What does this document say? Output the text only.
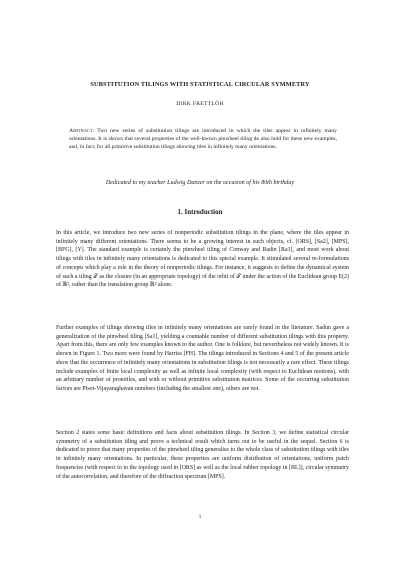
SUBSTITUTION TILINGS WITH STATISTICAL CIRCULAR SYMMETRY

DIRK FRETTLÖH

Abstract. Two new series of substitution tilings are introduced in which the tiles appear in infinitely many orientations. It is shown that several properties of the well-known pinwheel tiling do also hold for these new examples, and, in fact, for all primitive substitution tilings showing tiles in infinitely many orientations.

Dedicated to my teacher Ludwig Danzer on the occasion of his 80th birthday

1. Introduction

In this article, we introduce two new series of nonperiodic substitution tilings in the plane, where the tiles appear in infinitely many different orientations. There seems to be a growing interest in such objects, cf. [ORS], [Sa2], [MPS], [BFG], [Y]. The standard example is certainly the pinwheel tiling of Conway and Radin [Ra1], and most work about tilings with tiles in infinitely many orientations is dedicated to this special example. It stimulated several re-formulations of concepts which play a role in the theory of nonperiodic tilings. For instance, it suggests to define the dynamical system of such a tiling 𝒯 as the closure (in an appropriate topology) of the orbit of 𝒯 under the action of the Euclidean group E(2) of ℝ², rather than the translation group ℝ² alone.

Further examples of tilings showing tiles in infinitely many orientations are rarely found in the literature. Sadun gave a generalization of the pinwheel tiling [Sa1], yielding a countable number of different substitution tilings with this property. Apart from this, there are only few examples known to the author. One is folklore, but nevertheless not widely known. It is shown in Figure 1. Two more were found by Harriss [FH]. The tilings introduced in Sections 4 and 5 of the present article show that the occurrence of infinitely many orientations in substitution tilings is not necessarily a rare effect. These tilings include examples of finite local complexity as well as infinite local complexity (with respect to Euclidean motions), with an arbitrary number of prototiles, and with or without primitive substitution matrices. Some of the occurring substitution factors are Pisot-Vijayaraghavan numbers (including the smallest one), others are not.

Section 2 states some basic definitions and facts about substitution tilings. In Section 3, we define statistical circular symmetry of a substitution tiling and prove a technical result which turns out to be useful in the sequel. Section 6 is dedicated to prove that many properties of the pinwheel tiling generalise to the whole class of substitution tilings with tiles in infinitely many orientations. In particular, these properties are uniform distribution of orientations, uniform patch frequencies (with respect to to the topology used in [ORS] as well as the local rubber topology in [BL]), circular symmetry of the autocorrelation, and therefore of the diffraction spectrum [MPS].

1
